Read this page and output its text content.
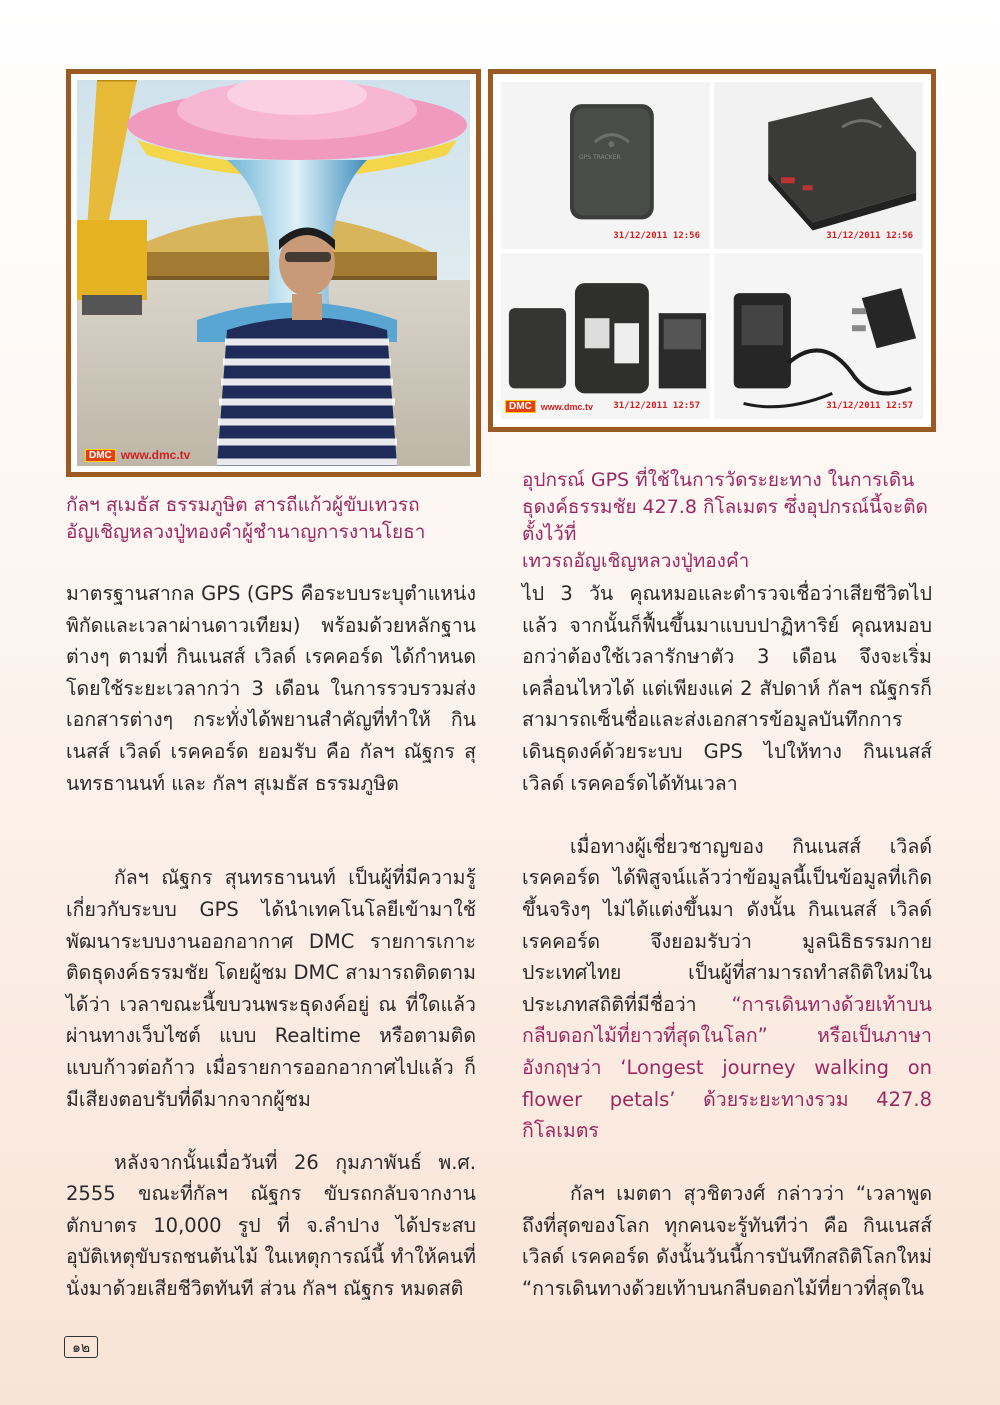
DMC www.dmc.tv
31/12/2011 12:56
GPS TRACKER
31/12/2011 12:56
31/12/2011 12:57
DMC	www.dmc.tv	31/12/2011 12:57
กัลฯ สุเมธัส ธรรมภูษิต สารถีแก้วผู้ขับเทวรถ
อัญเชิญหลวงปู่ทองคำผู้ชำนาญการงานโยธา
อุปกรณ์ GPS ที่ใช้ในการวัดระยะทาง ในการเดิน
ธุดงค์ธรรมชัย 427.8 กิโลเมตร ซึ่งอุปกรณ์นี้จะติดตั้งไว้ที่
เทวรถอัญเชิญหลวงปู่ทองคำ

มาตรฐานสากล GPS (GPS คือระบบระบุตำแหน่งพิกัดและเวลาผ่านดาวเทียม) พร้อมด้วยหลักฐานต่างๆ ตามที่ กินเนสส์ เวิลด์ เรคคอร์ด ได้กำหนดโดยใช้ระยะเวลากว่า 3 เดือน ในการรวบรวมส่งเอกสารต่างๆ กระทั่งได้พยานสำคัญที่ทำให้ กินเนสส์ เวิลด์ เรคคอร์ด ยอมรับ คือ กัลฯ ณัฐกร สุนทรธานนท์ และ กัลฯ สุเมธัส ธรรมภูษิต

กัลฯ ณัฐกร สุนทรธานนท์ เป็นผู้ที่มีความรู้เกี่ยวกับระบบ GPS ได้นำเทคโนโลยีเข้ามาใช้พัฒนาระบบงานออกอากาศ DMC รายการเกาะติดธุดงค์ธรรมชัย โดยผู้ชม DMC สามารถติดตามได้ว่า เวลาขณะนี้ขบวนพระธุดงค์อยู่ ณ ที่ใดแล้วผ่านทางเว็บไซต์ แบบ Realtime หรือตามติดแบบก้าวต่อก้าว เมื่อรายการออกอากาศไปแล้ว ก็มีเสียงตอบรับที่ดีมากจากผู้ชม

หลังจากนั้นเมื่อวันที่ 26 กุมภาพันธ์ พ.ศ. 2555 ขณะที่กัลฯ ณัฐกร ขับรถกลับจากงานตักบาตร 10,000 รูป ที่ จ.ลำปาง ได้ประสบอุบัติเหตุขับรถชนต้นไม้ ในเหตุการณ์นี้ ทำให้คนที่นั่งมาด้วยเสียชีวิตทันที ส่วน กัลฯ ณัฐกร หมดสติ

ไป 3 วัน คุณหมอและตำรวจเชื่อว่าเสียชีวิตไปแล้ว จากนั้นก็ฟื้นขึ้นมาแบบปาฏิหาริย์ คุณหมอบอกว่าต้องใช้เวลารักษาตัว 3 เดือน จึงจะเริ่มเคลื่อนไหวได้ แต่เพียงแค่ 2 สัปดาห์ กัลฯ ณัฐกรก็สามารถเซ็นชื่อและส่งเอกสารข้อมูลบันทึกการเดินธุดงค์ด้วยระบบ GPS ไปให้ทาง กินเนสส์ เวิลด์ เรคคอร์ดได้ทันเวลา

เมื่อทางผู้เชี่ยวชาญของ กินเนสส์ เวิลด์ เรคคอร์ด ได้พิสูจน์แล้วว่าข้อมูลนี้เป็นข้อมูลที่เกิดขึ้นจริงๆ ไม่ได้แต่งขึ้นมา ดังนั้น กินเนสส์ เวิลด์ เรคคอร์ด จึงยอมรับว่า มูลนิธิธรรมกาย ประเทศไทย เป็นผู้ที่สามารถทำสถิติใหม่ในประเภทสถิติที่มีชื่อว่า “การเดินทางด้วยเท้าบนกลีบดอกไม้ที่ยาวที่สุดในโลก” หรือเป็นภาษาอังกฤษว่า ‘Longest journey walking on flower petals’ ด้วยระยะทางรวม 427.8 กิโลเมตร

กัลฯ เมตตา สุวชิตวงศ์ กล่าวว่า “เวลาพูดถึงที่สุดของโลก ทุกคนจะรู้ทันทีว่า คือ กินเนสส์ เวิลด์ เรคคอร์ด ดังนั้นวันนี้การบันทึกสถิติโลกใหม่ “การเดินทางด้วยเท้าบนกลีบดอกไม้ที่ยาวที่สุดใน

๑๒
